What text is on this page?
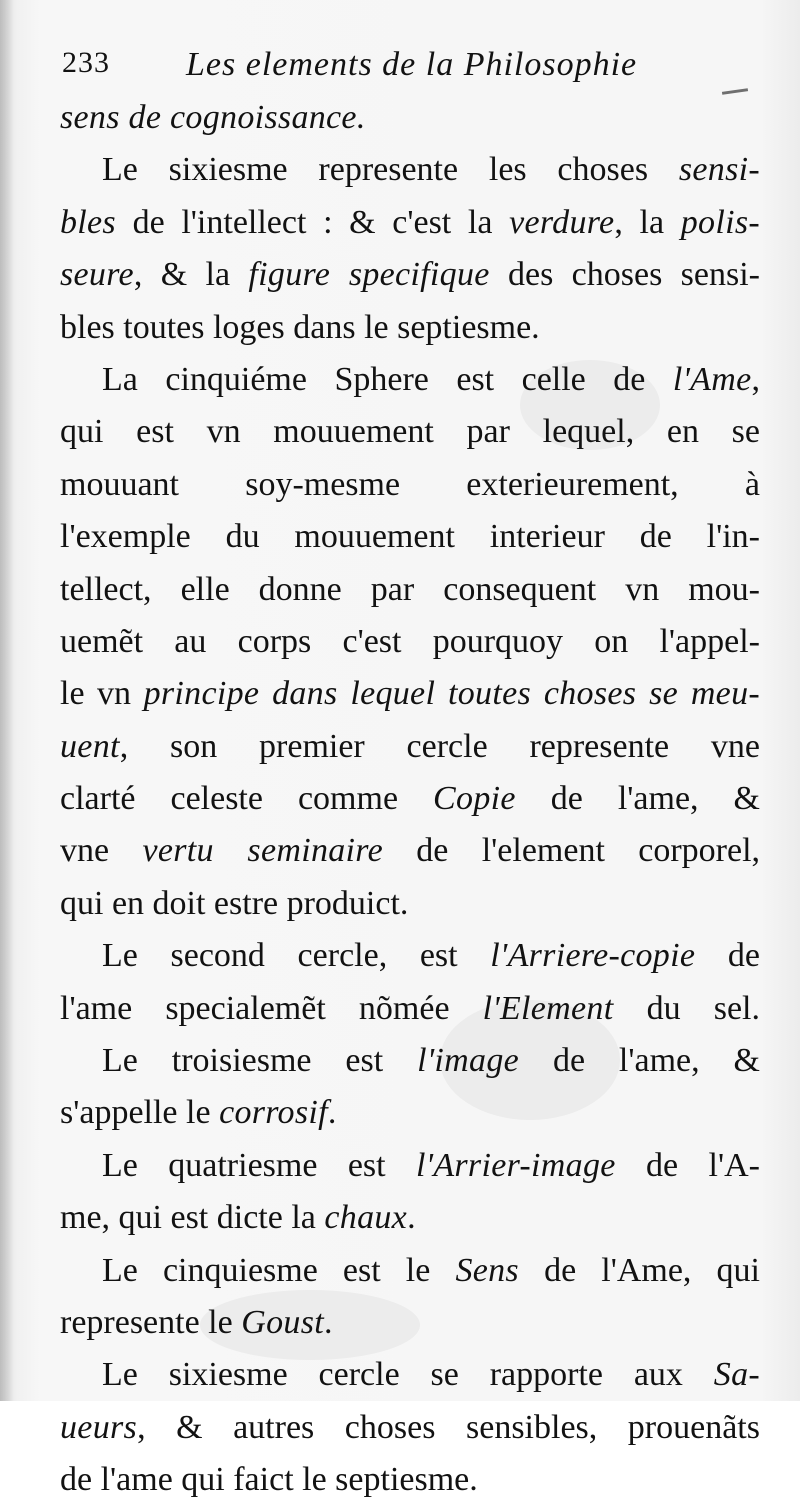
233 Les elements de la Philosophie
sens de cognoissance.
Le sixiesme represente les choses sensi-
bles de l'intellect : & c'est la verdure, la polis-
seure, & la figure specifique des choses sensi-
bles toutes loges dans le septiesme.
La cinquiéme Sphere est celle de l'Ame,
qui est vn mouuement par lequel, en se
mouuant soy-mesme exterieurement, à
l'exemple du mouuement interieur de l'in-
tellect, elle donne par consequent vn mou-
uemẽt au corps c'est pourquoy on l'appel-
le vn principe dans lequel toutes choses se meu-
uent, son premier cercle represente vne
clarté celeste comme Copie de l'ame, &
vne vertu seminaire de l'element corporel,
qui en doit estre produict.
Le second cercle, est l'Arriere-copie de
l'ame specialemẽt nõmée l'Element du sel.
Le troisiesme est l'image de l'ame, &
s'appelle le corrosif.
Le quatriesme est l'Arrier-image de l'A-
me, qui est dicte la chaux.
Le cinquiesme est le Sens de l'Ame, qui
represente le Goust.
Le sixiesme cercle se rapporte aux Sa-
ueurs, & autres choses sensibles, prouenãts
de l'ame qui faict le septiesme.
